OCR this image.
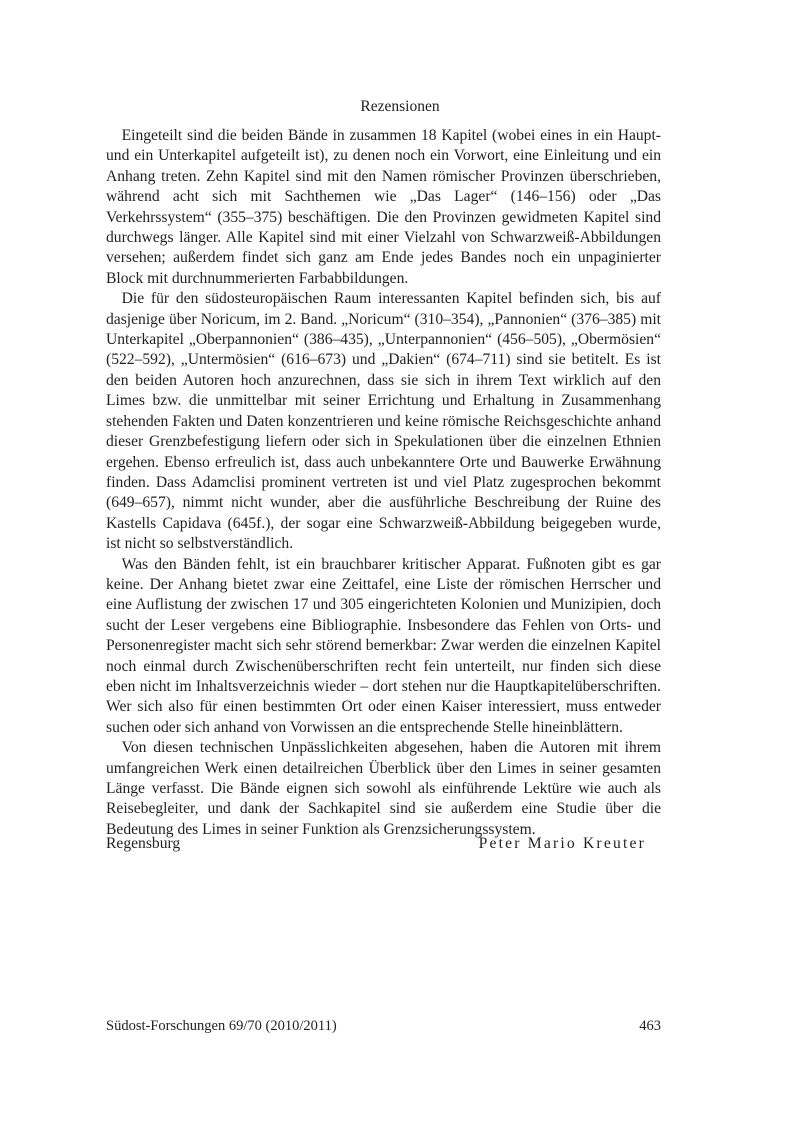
Rezensionen

 Eingeteilt sind die beiden Bände in zusammen 18 Kapitel (wobei eines in ein Haupt- und ein Unterkapitel aufgeteilt ist), zu denen noch ein Vorwort, eine Einleitung und ein Anhang treten. Zehn Kapitel sind mit den Namen römischer Provinzen überschrieben, während acht sich mit Sachthemen wie „Das Lager“ (146–156) oder „Das Verkehrssystem“ (355–375) beschäftigen. Die den Provinzen gewidmeten Kapitel sind durchwegs länger. Alle Kapitel sind mit einer Vielzahl von Schwarzweiß-Abbildungen versehen; außerdem findet sich ganz am Ende jedes Bandes noch ein unpaginierter Block mit durchnummerierten Farbabbildungen.

 Die für den südosteuropäischen Raum interessanten Kapitel befinden sich, bis auf dasjenige über Noricum, im 2. Band. „Noricum“ (310–354), „Pannonien“ (376–385) mit Unterkapitel „Oberpannonien“ (386–435), „Unterpannonien“ (456–505), „Obermösien“ (522–592), „Untermösien“ (616–673) und „Dakien“ (674–711) sind sie betitelt. Es ist den beiden Autoren hoch anzurechnen, dass sie sich in ihrem Text wirklich auf den Limes bzw. die unmittelbar mit seiner Errichtung und Erhaltung in Zusammenhang stehenden Fakten und Daten konzentrieren und keine römische Reichsgeschichte anhand dieser Grenzbefestigung liefern oder sich in Spekulationen über die einzelnen Ethnien ergehen. Ebenso erfreulich ist, dass auch unbekanntere Orte und Bauwerke Erwähnung finden. Dass Adamclisi prominent vertreten ist und viel Platz zugesprochen bekommt (649–657), nimmt nicht wunder, aber die ausführliche Beschreibung der Ruine des Kastells Capidava (645f.), der sogar eine Schwarzweiß-Abbildung beigegeben wurde, ist nicht so selbstverständlich.

 Was den Bänden fehlt, ist ein brauchbarer kritischer Apparat. Fußnoten gibt es gar keine. Der Anhang bietet zwar eine Zeittafel, eine Liste der römischen Herrscher und eine Auflistung der zwischen 17 und 305 eingerichteten Kolonien und Munizipien, doch sucht der Leser vergebens eine Bibliographie. Insbesondere das Fehlen von Orts- und Personenregister macht sich sehr störend bemerkbar: Zwar werden die einzelnen Kapitel noch einmal durch Zwischenüberschriften recht fein unterteilt, nur finden sich diese eben nicht im Inhaltsverzeichnis wieder – dort stehen nur die Hauptkapitelüberschriften. Wer sich also für einen bestimmten Ort oder einen Kaiser interessiert, muss entweder suchen oder sich anhand von Vorwissen an die entsprechende Stelle hineinblättern.

 Von diesen technischen Unpässlichkeiten abgesehen, haben die Autoren mit ihrem umfangreichen Werk einen detailreichen Überblick über den Limes in seiner gesamten Länge verfasst. Die Bände eignen sich sowohl als einführende Lektüre wie auch als Reisebegleiter, und dank der Sachkapitel sind sie außerdem eine Studie über die Bedeutung des Limes in seiner Funktion als Grenzsicherungssystem.

Regensburg	Peter Mario Kreuter
Südost-Forschungen 69/70 (2010/2011)	463
